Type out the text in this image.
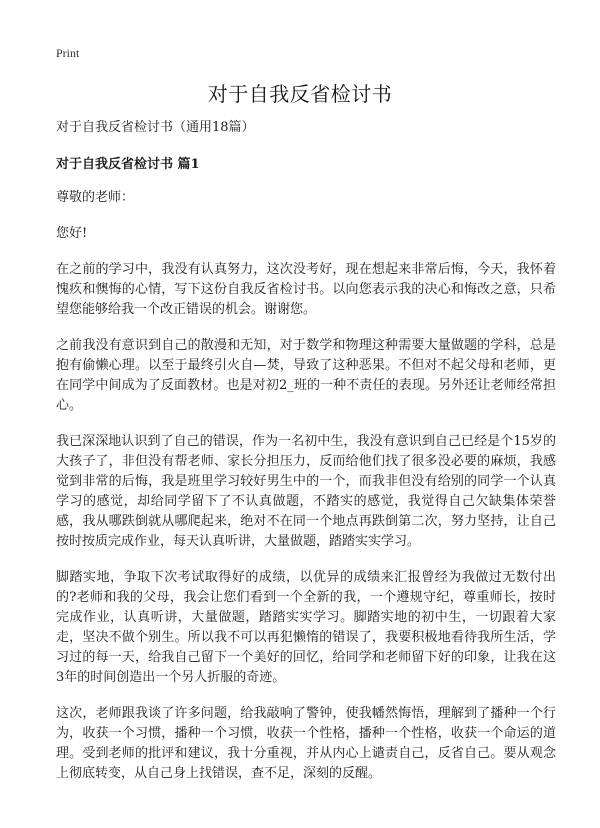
Print
对于自我反省检讨书

对于自我反省检讨书（通用18篇）

对于自我反省检讨书 篇1

尊敬的老师：

您好!

在之前的学习中，我没有认真努力，这次没考好，现在想起来非常后悔，今天，我怀着愧疚和懊悔的心情，写下这份自我反省检讨书。以向您表示我的决心和悔改之意，只希望您能够给我一个改正错误的机会。谢谢您。

之前我没有意识到自己的散漫和无知，对于数学和物理这种需要大量做题的学科，总是抱有偷懒心理。以至于最终引火自—焚，导致了这种恶果。不但对不起父母和老师，更在同学中间成为了反面教材。也是对初2_班的一种不责任的表现。另外还让老师经常担心。

我已深深地认识到了自己的错误，作为一名初中生，我没有意识到自己已经是个15岁的大孩子了，非但没有帮老师、家长分担压力，反而给他们找了很多没必要的麻烦，我感觉到非常的后悔，我是班里学习较好男生中的一个，而我非但没有给别的同学一个认真学习的感觉，却给同学留下了不认真做题，不踏实的感觉，我觉得自己欠缺集体荣誉感，我从哪跌倒就从哪爬起来，绝对不在同一个地点再跌倒第二次，努力坚持，让自己按时按质完成作业，每天认真听讲，大量做题，踏踏实实学习。

脚踏实地，争取下次考试取得好的成绩，以优异的成绩来汇报曾经为我做过无数付出的?老师和我的父母，我会让您们看到一个全新的我，一个遵规守纪，尊重师长，按时完成作业，认真听讲，大量做题，踏踏实实学习。脚踏实地的初中生，一切跟着大家走，坚决不做个别生。所以我不可以再犯懒惰的错误了，我要积极地看待我所生活，学习过的每一天，给我自己留下一个美好的回忆，给同学和老师留下好的印象，让我在这3年的时间创造出一个另人折服的奇迹。

这次，老师跟我谈了许多问题，给我敲响了警钟，使我幡然悔悟，理解到了播种一个行为，收获一个习惯，播种一个习惯，收获一个性格，播种一个性格，收获一个命运的道理。受到老师的批评和建议，我十分重视，并从内心上谴责自己，反省自己。要从观念上彻底转变，从自己身上找错误，查不足，深刻的反醒。
